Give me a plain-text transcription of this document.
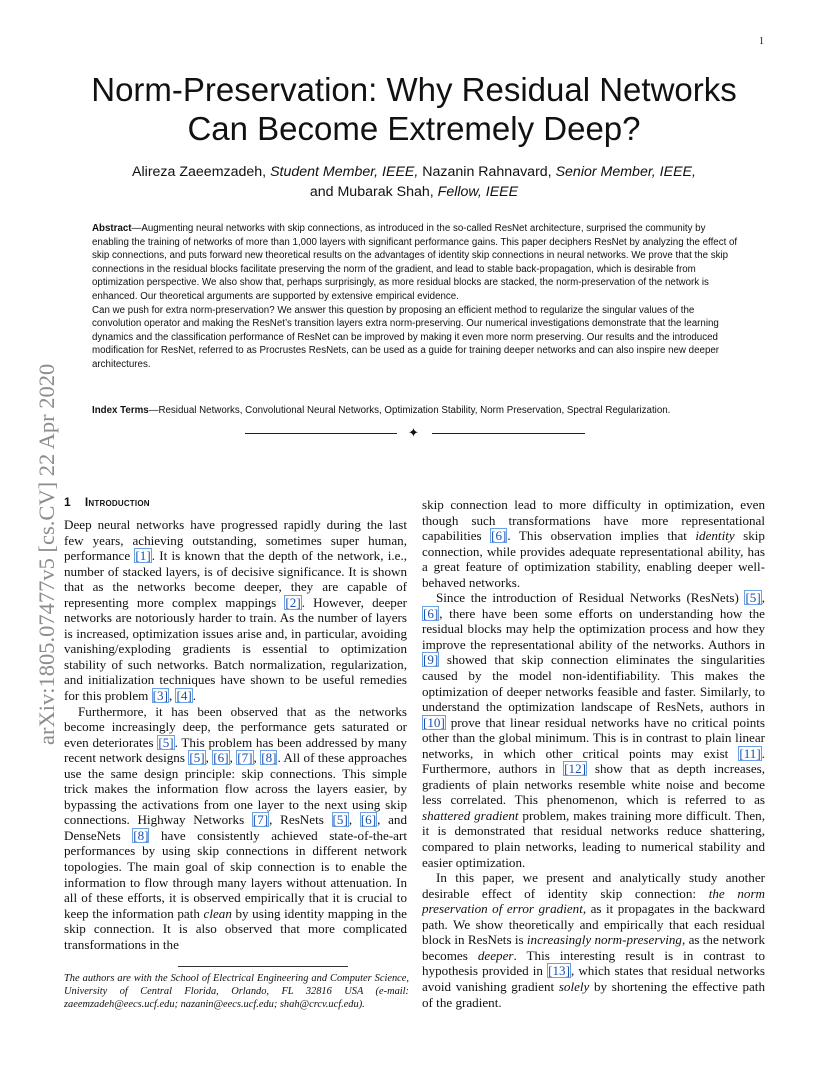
1
Norm-Preservation: Why Residual Networks
Can Become Extremely Deep?
Alireza Zaeemzadeh, Student Member, IEEE, Nazanin Rahnavard, Senior Member, IEEE,
and Mubarak Shah, Fellow, IEEE

Abstract—Augmenting neural networks with skip connections, as introduced in the so-called ResNet architecture, surprised the community by enabling the training of networks of more than 1,000 layers with significant performance gains. This paper deciphers ResNet by analyzing the effect of skip connections, and puts forward new theoretical results on the advantages of identity skip connections in neural networks. We prove that the skip connections in the residual blocks facilitate preserving the norm of the gradient, and lead to stable back-propagation, which is desirable from optimization perspective. We also show that, perhaps surprisingly, as more residual blocks are stacked, the norm-preservation of the network is enhanced. Our theoretical arguments are supported by extensive empirical evidence.

Can we push for extra norm-preservation? We answer this question by proposing an efficient method to regularize the singular values of the convolution operator and making the ResNet’s transition layers extra norm-preserving. Our numerical investigations demonstrate that the learning dynamics and the classification performance of ResNet can be improved by making it even more norm preserving. Our results and the introduced modification for ResNet, referred to as Procrustes ResNets, can be used as a guide for training deeper networks and can also inspire new deeper architectures.

Index Terms—Residual Networks, Convolutional Neural Networks, Optimization Stability, Norm Preservation, Spectral Regularization.
✦
1 Introduction

Deep neural networks have progressed rapidly during the last few years, achieving outstanding, sometimes super human, performance [1]. It is known that the depth of the network, i.e., number of stacked layers, is of decisive significance. It is shown that as the networks become deeper, they are capable of representing more complex mappings [2]. However, deeper networks are notoriously harder to train. As the number of layers is increased, optimization issues arise and, in particular, avoiding vanishing/exploding gradients is essential to optimization stability of such networks. Batch normalization, regularization, and initialization techniques have shown to be useful remedies for this problem [3], [4].

Furthermore, it has been observed that as the networks become increasingly deep, the performance gets saturated or even deteriorates [5]. This problem has been addressed by many recent network designs [5], [6], [7], [8]. All of these approaches use the same design principle: skip connections. This simple trick makes the information flow across the layers easier, by bypassing the activations from one layer to the next using skip connections. Highway Networks [7], ResNets [5], [6], and DenseNets [8] have consistently achieved state-of-the-art performances by using skip connections in different network topologies. The main goal of skip connection is to enable the information to flow through many layers without attenuation. In all of these efforts, it is observed empirically that it is crucial to keep the information path clean by using identity mapping in the skip connection. It is also observed that more complicated transformations in the

skip connection lead to more difficulty in optimization, even though such transformations have more representational capabilities [6]. This observation implies that identity skip connection, while provides adequate representational ability, has a great feature of optimization stability, enabling deeper well-behaved networks.

Since the introduction of Residual Networks (ResNets) [5], [6], there have been some efforts on understanding how the residual blocks may help the optimization process and how they improve the representational ability of the networks. Authors in [9] showed that skip connection eliminates the singularities caused by the model non-identifiability. This makes the optimization of deeper networks feasible and faster. Similarly, to understand the optimization landscape of ResNets, authors in [10] prove that linear residual networks have no critical points other than the global minimum. This is in contrast to plain linear networks, in which other critical points may exist [11]. Furthermore, authors in [12] show that as depth increases, gradients of plain networks resemble white noise and become less correlated. This phenomenon, which is referred to as shattered gradient problem, makes training more difficult. Then, it is demonstrated that residual networks reduce shattering, compared to plain networks, leading to numerical stability and easier optimization.

In this paper, we present and analytically study another desirable effect of identity skip connection: the norm preservation of error gradient, as it propagates in the backward path. We show theoretically and empirically that each residual block in ResNets is increasingly norm-preserving, as the network becomes deeper. This interesting result is in contrast to hypothesis provided in [13], which states that residual networks avoid vanishing gradient solely by shortening the effective path of the gradient.

The authors are with the School of Electrical Engineering and Computer Science, University of Central Florida, Orlando, FL 32816 USA (e-mail: zaeemzadeh@eecs.ucf.edu; nazanin@eecs.ucf.edu; shah@crcv.ucf.edu).
arXiv:1805.07477v5 [cs.CV] 22 Apr 2020
